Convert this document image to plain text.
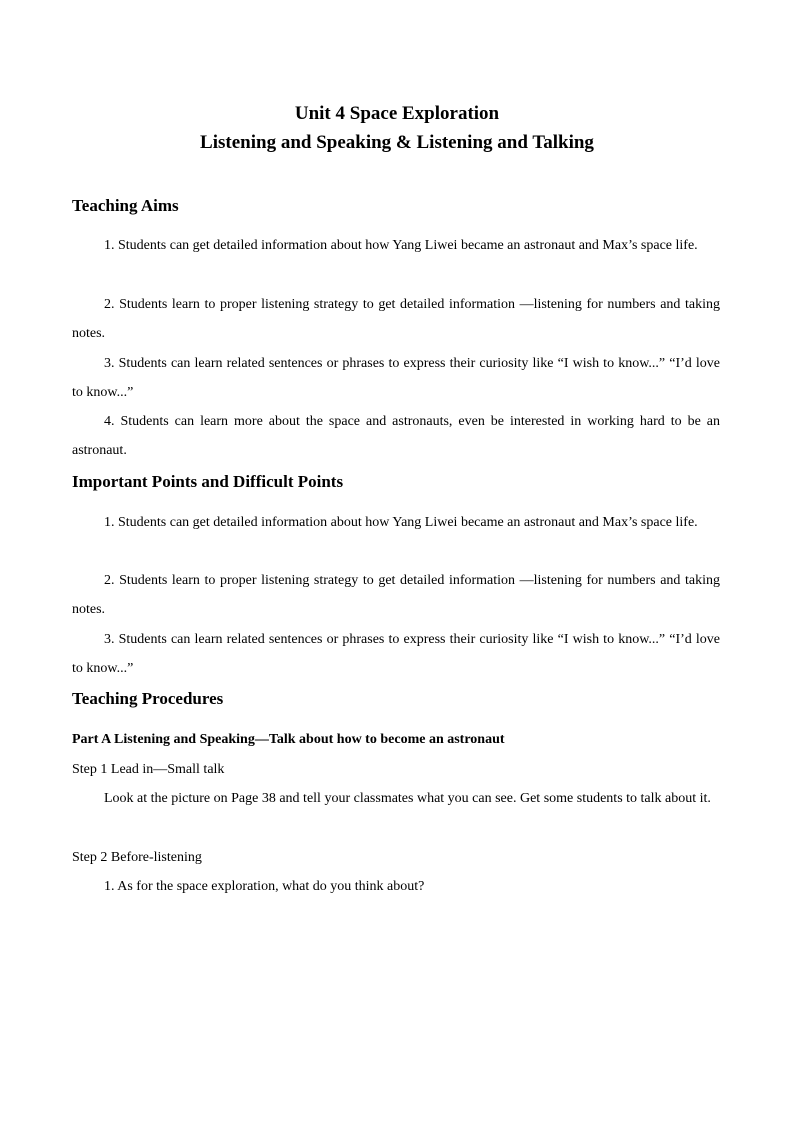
Unit 4 Space Exploration
Listening and Speaking & Listening and Talking
Teaching Aims

1. Students can get detailed information about how Yang Liwei became an astronaut and Max’s space life.

2. Students learn to proper listening strategy to get detailed information —listening for numbers and taking notes.

3. Students can learn related sentences or phrases to express their curiosity like “I wish to know...” “I’d love to know...”

4. Students can learn more about the space and astronauts, even be interested in working hard to be an astronaut.

Important Points and Difficult Points

1. Students can get detailed information about how Yang Liwei became an astronaut and Max’s space life.

2. Students learn to proper listening strategy to get detailed information —listening for numbers and taking notes.

3. Students can learn related sentences or phrases to express their curiosity like “I wish to know...” “I’d love to know...”

Teaching Procedures
Part A Listening and Speaking—Talk about how to become an astronaut
Step 1 Lead in—Small talk

Look at the picture on Page 38 and tell your classmates what you can see. Get some students to talk about it.

Step 2 Before-listening

1. As for the space exploration, what do you think about?
